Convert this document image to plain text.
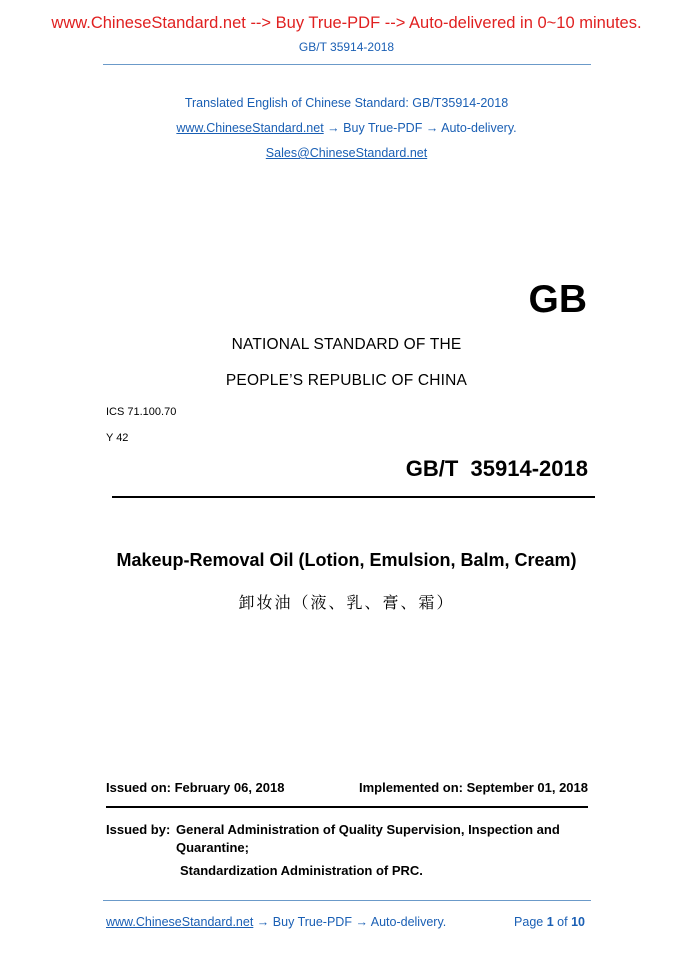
www.ChineseStandard.net --> Buy True-PDF --> Auto-delivered in 0~10 minutes.
GB/T 35914-2018
Translated English of Chinese Standard: GB/T35914-2018
www.ChineseStandard.net → Buy True-PDF → Auto-delivery.
Sales@ChineseStandard.net
GB
NATIONAL STANDARD OF THE
PEOPLE’S REPUBLIC OF CHINA
ICS 71.100.70
Y 42
GB/T  35914-2018
Makeup-Removal Oil (Lotion, Emulsion, Balm, Cream)
卸妆油（液、乳、膏、霜）
Issued on: February 06, 2018	Implemented on: September 01, 2018
Issued by: General Administration of Quality Supervision, Inspection and
Quarantine;
Standardization Administration of PRC.
www.ChineseStandard.net → Buy True-PDF → Auto-delivery.	Page 1 of 10
